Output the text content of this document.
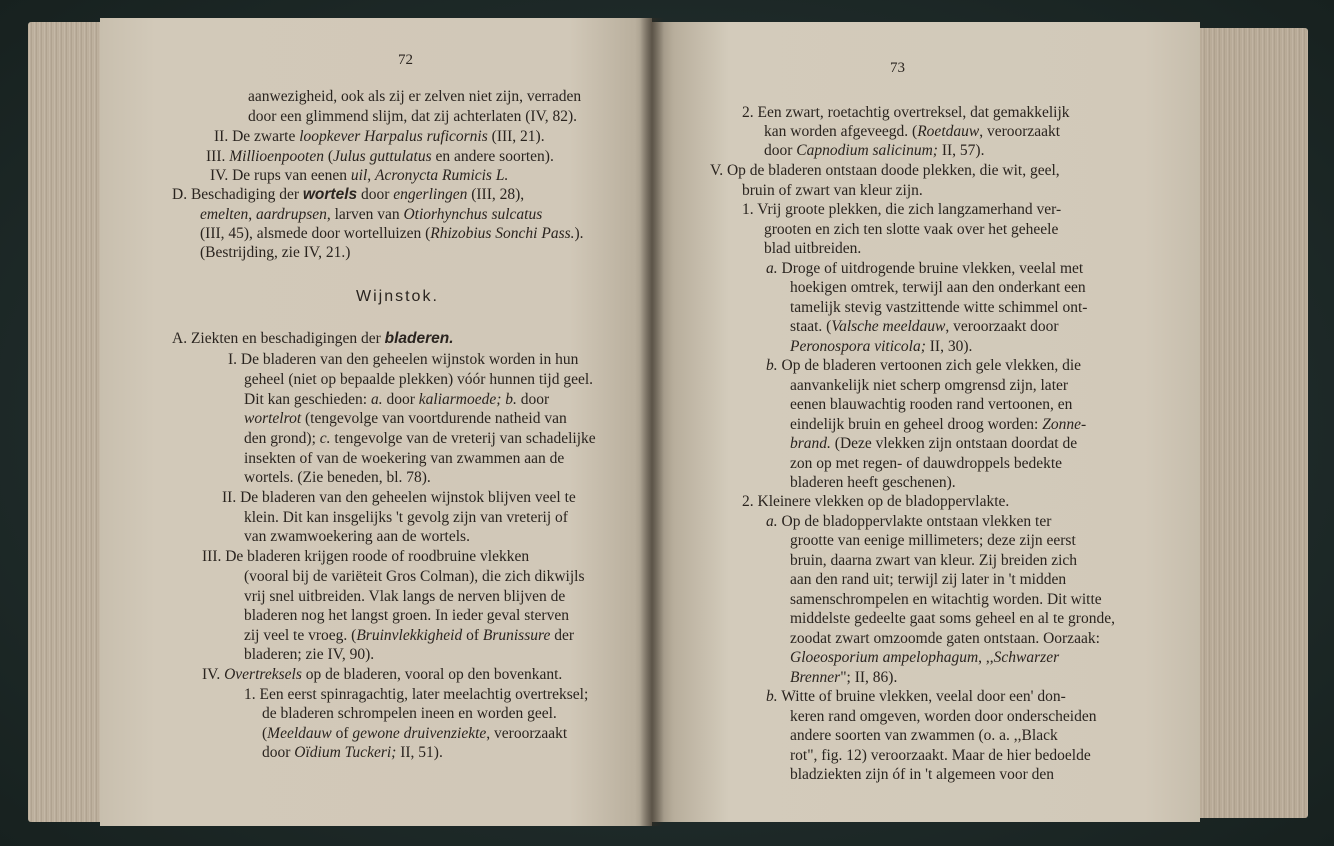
72	73
Wijnstok.
aanwezigheid, ook als zij er zelven niet zijn, verraden
door een glimmend slijm, dat zij achterlaten (IV, 82).
II. De zwarte loopkever Harpalus ruficornis (III, 21).
III. Millioenpooten (Julus guttulatus en andere soorten).
IV. De rups van eenen uil, Acronycta Rumicis L.
D. Beschadiging der wortels door engerlingen (III, 28),
emelten, aardrupsen, larven van Otiorhynchus sulcatus
(III, 45), alsmede door wortelluizen (Rhizobius Sonchi Pass.).
(Bestrijding, zie IV, 21.)
A. Ziekten en beschadigingen der bladeren.
I. De bladeren van den geheelen wijnstok worden in hun
geheel (niet op bepaalde plekken) vóór hunnen tijd geel.
Dit kan geschieden: a. door kaliarmoede; b. door
wortelrot (tengevolge van voortdurende natheid van
den grond); c. tengevolge van de vreterij van schadelijke
insekten of van de woekering van zwammen aan de
wortels. (Zie beneden, bl. 78).
II. De bladeren van den geheelen wijnstok blijven veel te
klein. Dit kan insgelijks 't gevolg zijn van vreterij of
van zwamwoekering aan de wortels.
III. De bladeren krijgen roode of roodbruine vlekken
(vooral bij de variëteit Gros Colman), die zich dikwijls
vrij snel uitbreiden. Vlak langs de nerven blijven de
bladeren nog het langst groen. In ieder geval sterven
zij veel te vroeg. (Bruinvlekkigheid of Brunissure der
bladeren; zie IV, 90).
IV. Overtreksels op de bladeren, vooral op den bovenkant.
1. Een eerst spinragachtig, later meelachtig overtreksel;
de bladeren schrompelen ineen en worden geel.
(Meeldauw of gewone druivenziekte, veroorzaakt
door Oïdium Tuckeri; II, 51).
2. Een zwart, roetachtig overtreksel, dat gemakkelijk
kan worden afgeveegd. (Roetdauw, veroorzaakt
door Capnodium salicinum; II, 57).
V. Op de bladeren ontstaan doode plekken, die wit, geel,
bruin of zwart van kleur zijn.
1. Vrij groote plekken, die zich langzamerhand ver-
grooten en zich ten slotte vaak over het geheele
blad uitbreiden.
a. Droge of uitdrogende bruine vlekken, veelal met
hoekigen omtrek, terwijl aan den onderkant een
tamelijk stevig vastzittende witte schimmel ont-
staat. (Valsche meeldauw, veroorzaakt door
Peronospora viticola; II, 30).
b. Op de bladeren vertoonen zich gele vlekken, die
aanvankelijk niet scherp omgrensd zijn, later
eenen blauwachtig rooden rand vertoonen, en
eindelijk bruin en geheel droog worden: Zonne-
brand. (Deze vlekken zijn ontstaan doordat de
zon op met regen- of dauwdroppels bedekte
bladeren heeft geschenen).
2. Kleinere vlekken op de bladoppervlakte.
a. Op de bladoppervlakte ontstaan vlekken ter
grootte van eenige millimeters; deze zijn eerst
bruin, daarna zwart van kleur. Zij breiden zich
aan den rand uit; terwijl zij later in 't midden
samenschrompelen en witachtig worden. Dit witte
middelste gedeelte gaat soms geheel en al te gronde,
zoodat zwart omzoomde gaten ontstaan. Oorzaak:
Gloeosporium ampelophagum, ,,Schwarzer
Brenner"; II, 86).
b. Witte of bruine vlekken, veelal door een' don-
keren rand omgeven, worden door onderscheiden
andere soorten van zwammen (o. a. ,,Black
rot", fig. 12) veroorzaakt. Maar de hier bedoelde
bladziekten zijn óf in 't algemeen voor den
